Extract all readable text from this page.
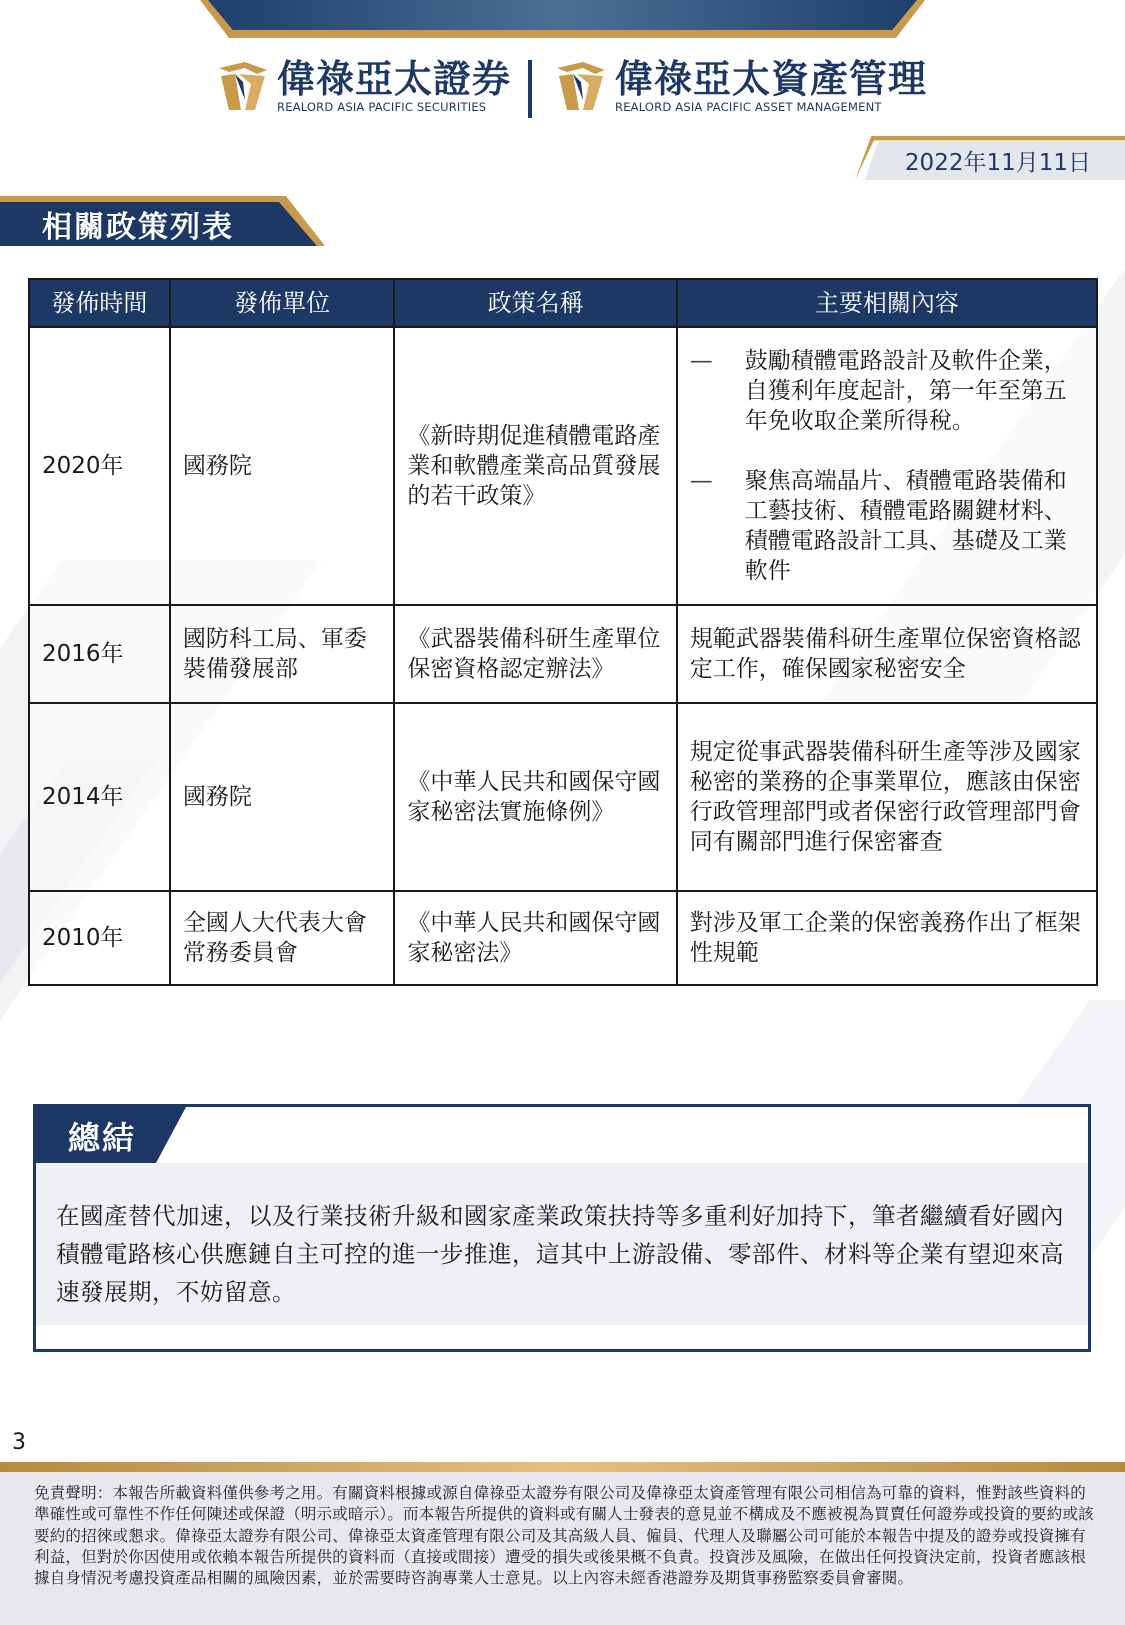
偉祿亞太證券
REALORD ASIA PACIFIC SECURITIES
偉祿亞太資產管理
REALORD ASIA PACIFIC ASSET MANAGEMENT
2022年11月11日
相關政策列表
發佈時間	發佈單位	政策名稱	主要相關內容
2020年	國務院	《新時期促進積體電路產業和軟體產業高品質發展的若干政策》	— 鼓勵積體電路設計及軟件企業，自獲利年度起計，第一年至第五年免收取企業所得稅。
— 聚焦高端晶片、積體電路裝備和工藝技術、積體電路關鍵材料、積體電路設計工具、基礎及工業軟件

2016年	國防科工局、軍委裝備發展部	《武器裝備科研生產單位保密資格認定辦法》	規範武器裝備科研生產單位保密資格認定工作，確保國家秘密安全
2014年	國務院	《中華人民共和國保守國家秘密法實施條例》	規定從事武器裝備科研生產等涉及國家秘密的業務的企事業單位，應該由保密行政管理部門或者保密行政管理部門會同有關部門進行保密審查
2010年	全國人大代表大會常務委員會	《中華人民共和國保守國家秘密法》	對涉及軍工企業的保密義務作出了框架性規範
總結
在國產替代加速，以及行業技術升級和國家產業政策扶持等多重利好加持下，筆者繼續看好國內積體電路核心供應鏈自主可控的進一步推進，這其中上游設備、零部件、材料等企業有望迎來高速發展期，不妨留意。
3
免責聲明：本報告所載資料僅供參考之用。有關資料根據或源自偉祿亞太證券有限公司及偉祿亞太資產管理有限公司相信為可靠的資料，惟對該些資料的準確性或可靠性不作任何陳述或保證（明示或暗示）。而本報告所提供的資料或有關人士發表的意見並不構成及不應被視為買賣任何證券或投資的要約或該要約的招徠或懇求。偉祿亞太證券有限公司、偉祿亞太資產管理有限公司及其高級人員、僱員、代理人及聯屬公司可能於本報告中提及的證券或投資擁有利益，但對於你因使用或依賴本報告所提供的資料而（直接或間接）遭受的損失或後果概不負責。投資涉及風險，在做出任何投資決定前，投資者應該根據自身情況考慮投資產品相關的風險因素，並於需要時咨詢專業人士意見。以上內容未經香港證券及期貨事務監察委員會審閱。
